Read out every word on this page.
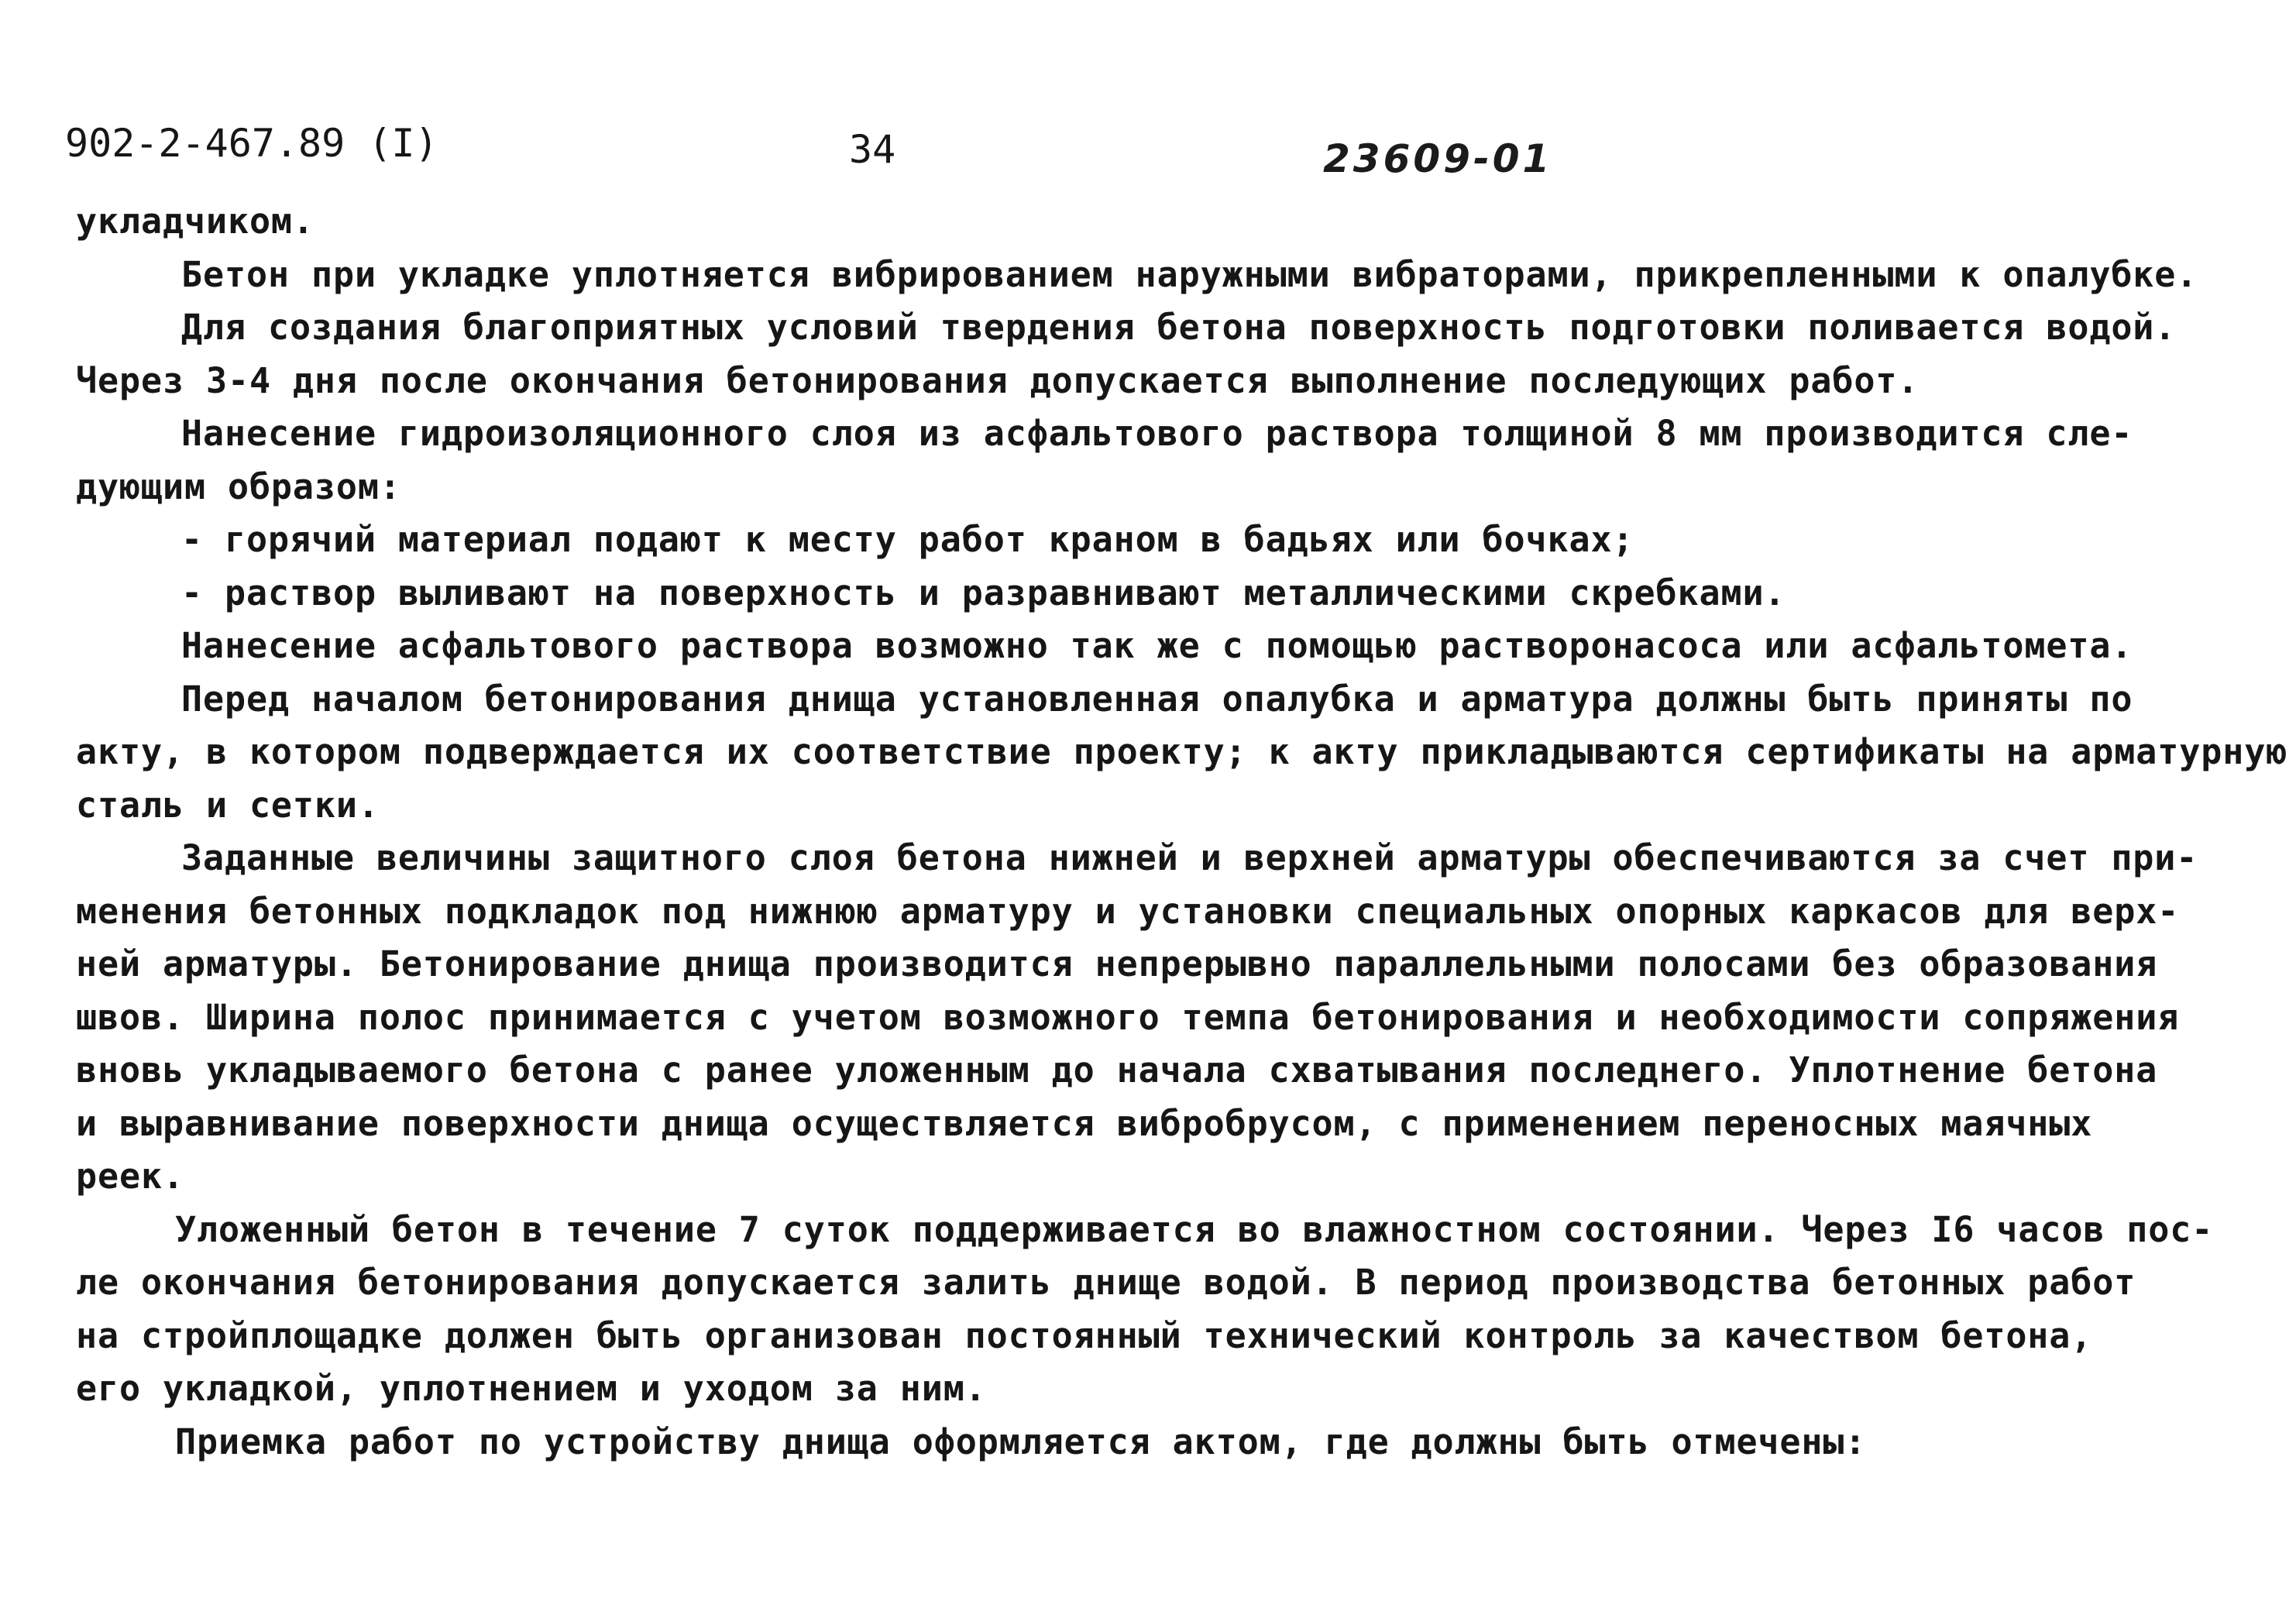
902-2-467.89 (I)	34	23609-01
укладчиком.
Бетон при укладке уплотняется вибрированием наружными вибраторами, прикрепленными к опалубке.
Для создания благоприятных условий твердения бетона поверхность подготовки поливается водой.
Через 3-4 дня после окончания бетонирования допускается выполнение последующих работ.
Нанесение гидроизоляционного слоя из асфальтового раствора толщиной 8 мм производится сле-
дующим образом:
- горячий материал подают к месту работ краном в бадьях или бочках;
- раствор выливают на поверхность и разравнивают металлическими скребками.
Нанесение асфальтового раствора возможно так же с помощью растворонасоса или асфальтомета.
Перед началом бетонирования днища установленная опалубка и арматура должны быть приняты по
акту, в котором подверждается их соответствие проекту; к акту прикладываются сертификаты на арматурную
сталь и сетки.
Заданные величины защитного слоя бетона нижней и верхней арматуры обеспечиваются за счет при-
менения бетонных подкладок под нижнюю арматуру и установки специальных опорных каркасов для верх-
ней арматуры. Бетонирование днища производится непрерывно параллельными полосами без образования
швов. Ширина полос принимается с учетом возможного темпа бетонирования и необходимости сопряжения
вновь укладываемого бетона с ранее уложенным до начала схватывания последнего. Уплотнение бетона
и выравнивание поверхности днища осуществляется вибробрусом, с применением переносных маячных
реек.
Уложенный бетон в течение 7 суток поддерживается во влажностном состоянии. Через I6 часов пос-
ле окончания бетонирования допускается залить днище водой. В период производства бетонных работ
на стройплощадке должен быть организован постоянный технический контроль за качеством бетона,
его укладкой, уплотнением и уходом за ним.
Приемка работ по устройству днища оформляется актом, где должны быть отмечены:
